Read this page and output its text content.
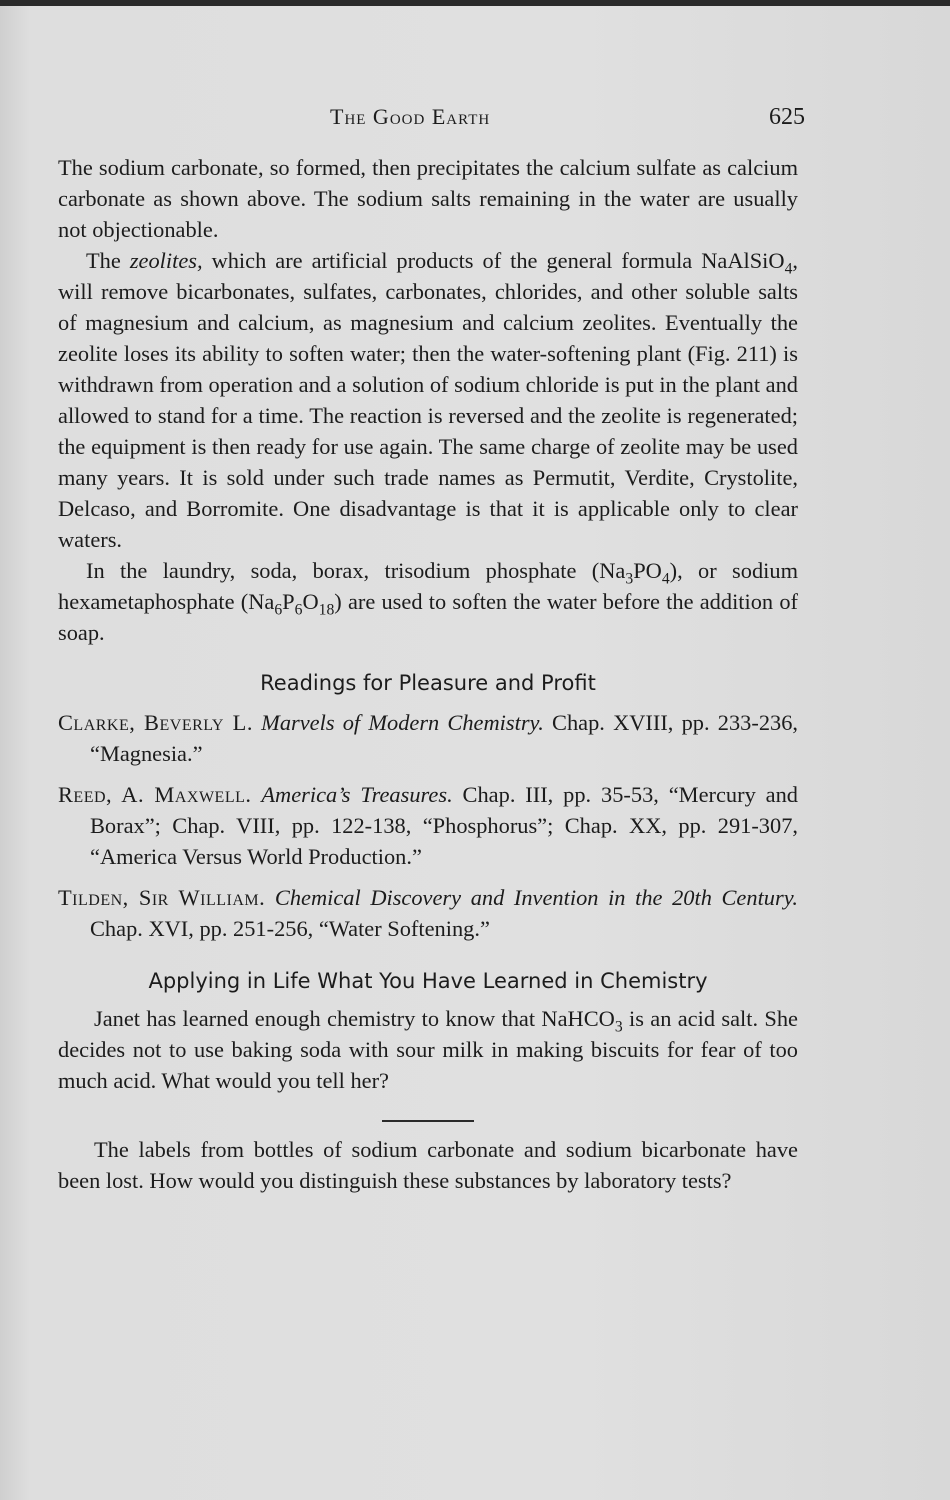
The Good Earth	625

The sodium carbonate, so formed, then precipitates the calcium sulfate as calcium carbonate as shown above. The sodium salts remaining in the water are usually not objectionable.

The zeolites, which are artificial products of the general formula NaAlSiO$_4$, will remove bicarbonates, sulfates, carbonates, chlorides, and other soluble salts of magnesium and calcium, as magnesium and calcium zeolites. Eventually the zeolite loses its ability to soften water; then the water-softening plant (Fig. 211) is withdrawn from operation and a solution of sodium chloride is put in the plant and allowed to stand for a time. The reaction is reversed and the zeolite is regenerated; the equipment is then ready for use again. The same charge of zeolite may be used many years. It is sold under such trade names as Permutit, Verdite, Crystolite, Delcaso, and Borromite. One disadvantage is that it is applicable only to clear waters.

In the laundry, soda, borax, trisodium phosphate $(Na_3PO_4)$, or sodium hexametaphosphate $(Na_6P_6O_{18})$ are used to soften the water before the addition of soap.

Readings for Pleasure and Profit

Clarke, Beverly L. Marvels of Modern Chemistry. Chap. XVIII, pp. 233-236, “Magnesia.”

Reed, A. Maxwell. America’s Treasures. Chap. III, pp. 35-53, “Mercury and Borax”; Chap. VIII, pp. 122-138, “Phosphorus”; Chap. XX, pp. 291-307, “America Versus World Production.”

Tilden, Sir William. Chemical Discovery and Invention in the 20th Century. Chap. XVI, pp. 251-256, “Water Softening.”

Applying in Life What You Have Learned in Chemistry

Janet has learned enough chemistry to know that NaHCO$_3$ is an acid salt. She decides not to use baking soda with sour milk in making biscuits for fear of too much acid. What would you tell her?

The labels from bottles of sodium carbonate and sodium bicarbonate have been lost. How would you distinguish these substances by laboratory tests?
